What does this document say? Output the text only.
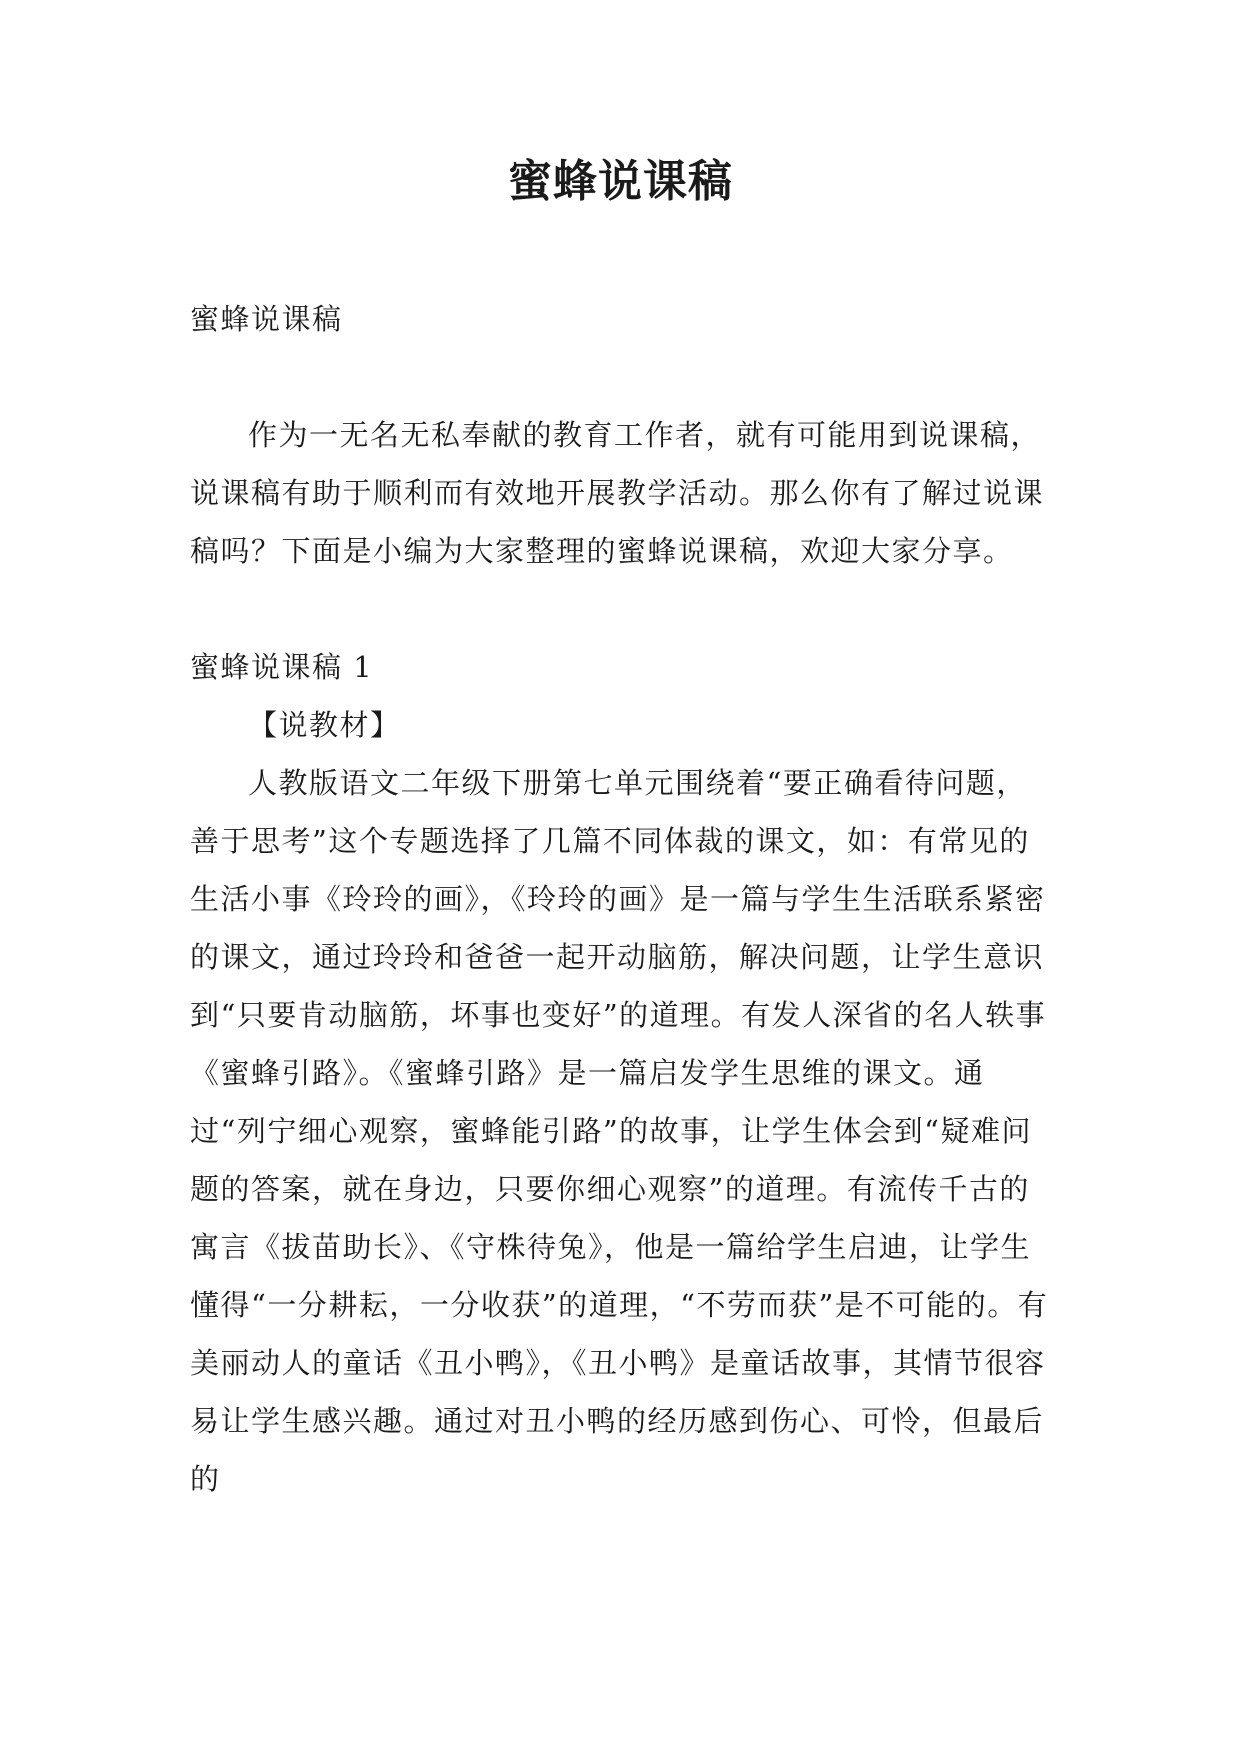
蜜蜂说课稿

蜜蜂说课稿

作为一无名无私奉献的教育工作者，就有可能用到说课稿，说课稿有助于顺利而有效地开展教学活动。那么你有了解过说课稿吗？下面是小编为大家整理的蜜蜂说课稿，欢迎大家分享。

蜜蜂说课稿 1

【说教材】

人教版语文二年级下册第七单元围绕着“要正确看待问题，善于思考”这个专题选择了几篇不同体裁的课文，如：有常见的生活小事《玲玲的画》，《玲玲的画》是一篇与学生生活联系紧密的课文，通过玲玲和爸爸一起开动脑筋，解决问题，让学生意识到“只要肯动脑筋，坏事也变好”的道理。有发人深省的名人轶事《蜜蜂引路》。《蜜蜂引路》是一篇启发学生思维的课文。通过“列宁细心观察，蜜蜂能引路”的故事，让学生体会到“疑难问题的答案，就在身边，只要你细心观察”的道理。有流传千古的寓言《拔苗助长》、《守株待兔》，他是一篇给学生启迪，让学生懂得“一分耕耘，一分收获”的道理，“不劳而获”是不可能的。有美丽动人的童话《丑小鸭》，《丑小鸭》是童话故事，其情节很容易让学生感兴趣。通过对丑小鸭的经历感到伤心、可怜，但最后的
